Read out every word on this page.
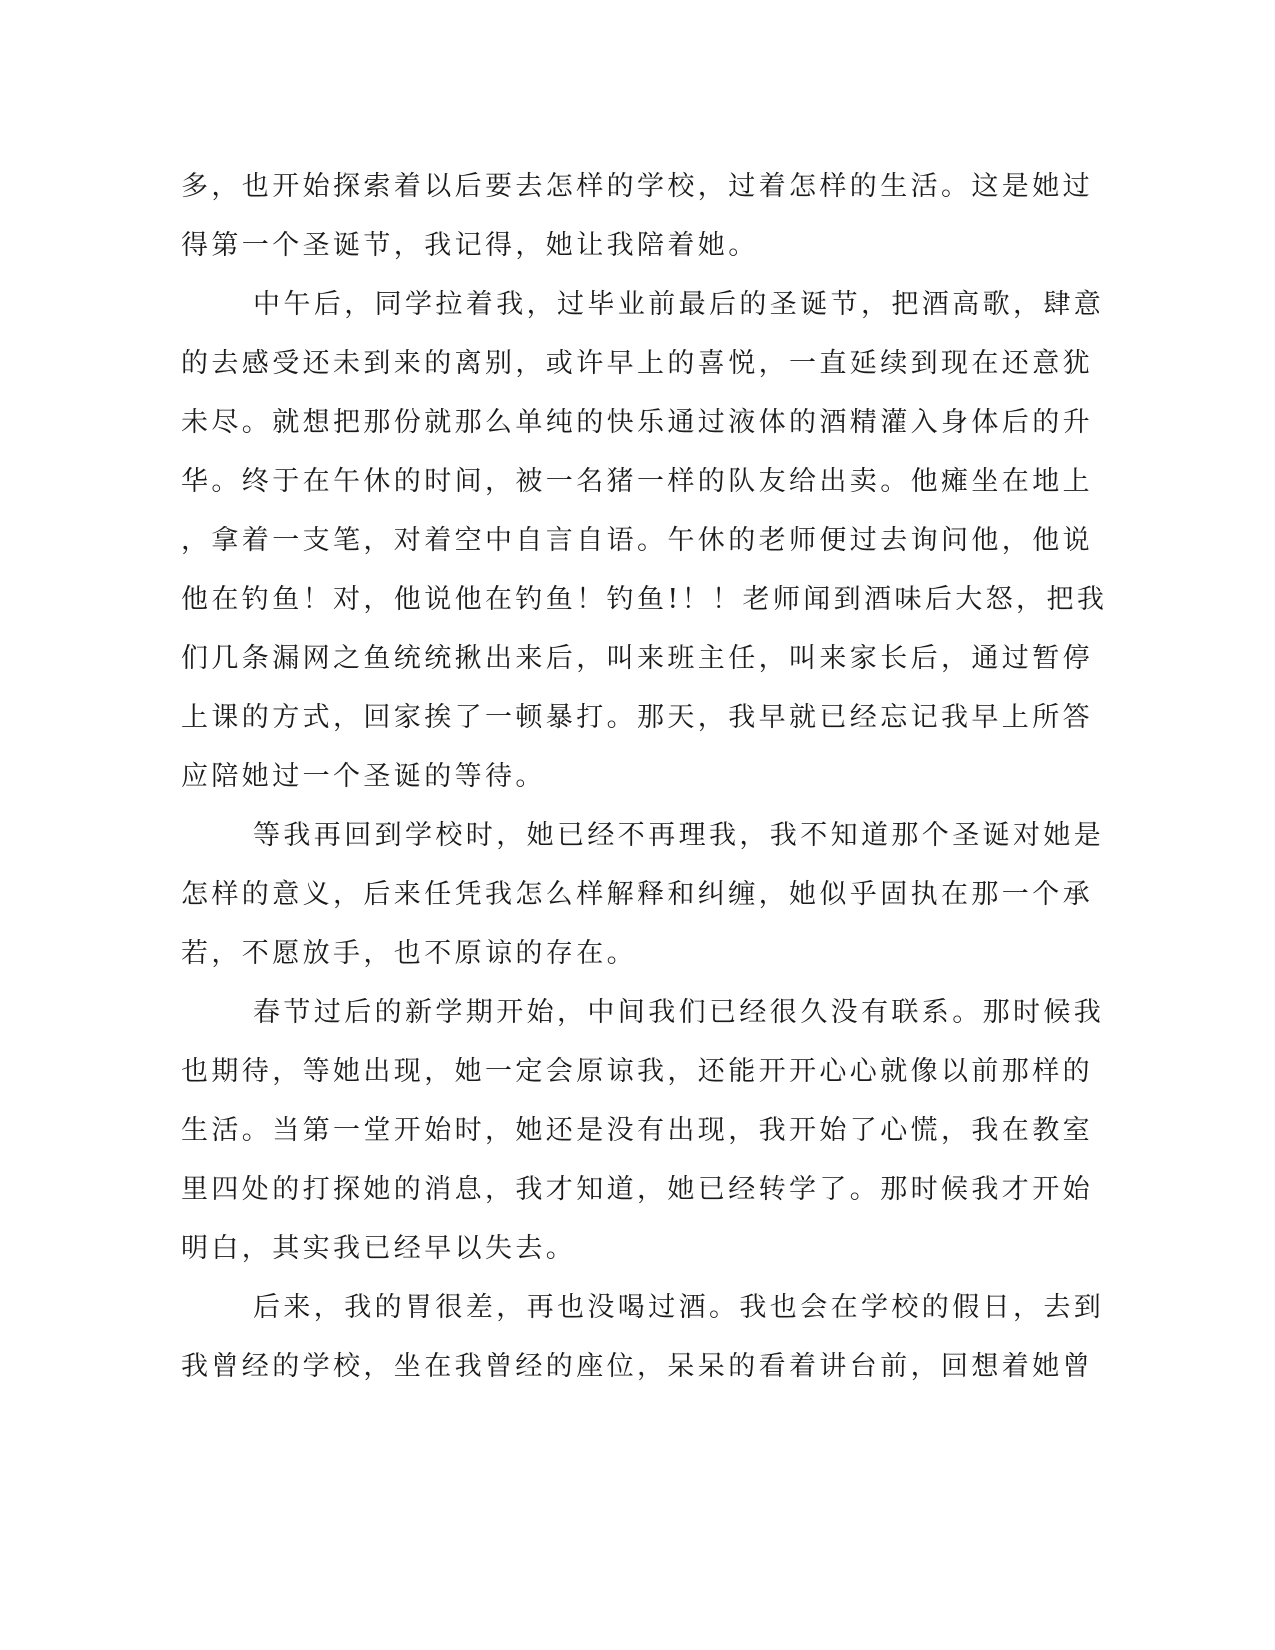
多，也开始探索着以后要去怎样的学校，过着怎样的生活。这是她过
得第一个圣诞节，我记得，她让我陪着她。
中午后，同学拉着我，过毕业前最后的圣诞节，把酒高歌，肆意
的去感受还未到来的离别，或许早上的喜悦，一直延续到现在还意犹
未尽。就想把那份就那么单纯的快乐通过液体的酒精灌入身体后的升
华。终于在午休的时间，被一名猪一样的队友给出卖。他瘫坐在地上
，拿着一支笔，对着空中自言自语。午休的老师便过去询问他，他说
他在钓鱼！对，他说他在钓鱼！钓鱼!！！老师闻到酒味后大怒，把我
们几条漏网之鱼统统揪出来后，叫来班主任，叫来家长后，通过暂停
上课的方式，回家挨了一顿暴打。那天，我早就已经忘记我早上所答
应陪她过一个圣诞的等待。
等我再回到学校时，她已经不再理我，我不知道那个圣诞对她是
怎样的意义，后来任凭我怎么样解释和纠缠，她似乎固执在那一个承
若，不愿放手，也不原谅的存在。
春节过后的新学期开始，中间我们已经很久没有联系。那时候我
也期待，等她出现，她一定会原谅我，还能开开心心就像以前那样的
生活。当第一堂开始时，她还是没有出现，我开始了心慌，我在教室
里四处的打探她的消息，我才知道，她已经转学了。那时候我才开始
明白，其实我已经早以失去。
后来，我的胃很差，再也没喝过酒。我也会在学校的假日，去到
我曾经的学校，坐在我曾经的座位，呆呆的看着讲台前，回想着她曾
